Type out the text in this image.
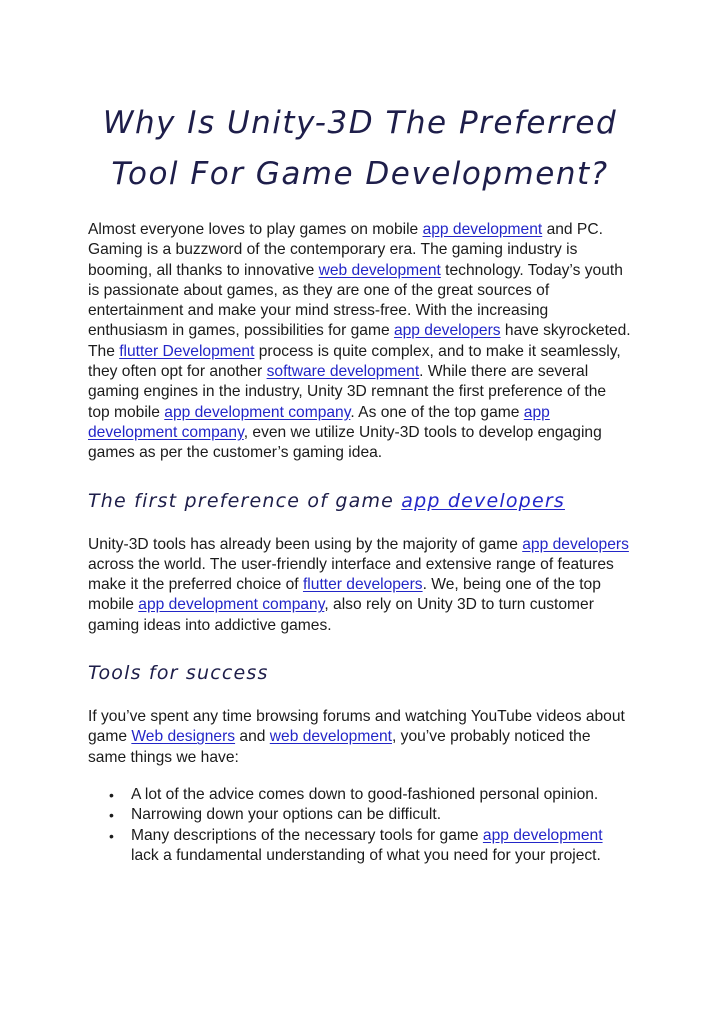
Why Is Unity-3D The Preferred Tool For Game Development?

Almost everyone loves to play games on mobile app development and PC. Gaming is a buzzword of the contemporary era. The gaming industry is booming, all thanks to innovative web development technology. Today’s youth is passionate about games, as they are one of the great sources of entertainment and make your mind stress-free. With the increasing enthusiasm in games, possibilities for game app developers have skyrocketed. The flutter Development process is quite complex, and to make it seamlessly, they often opt for another software development. While there are several gaming engines in the industry, Unity 3D remnant the first preference of the top mobile app development company. As one of the top game app development company, even we utilize Unity-3D tools to develop engaging games as per the customer’s gaming idea.

The first preference of game app developers

Unity-3D tools has already been using by the majority of game app developers across the world. The user-friendly interface and extensive range of features make it the preferred choice of flutter developers. We, being one of the top mobile app development company, also rely on Unity 3D to turn customer gaming ideas into addictive games.

Tools for success

If you’ve spent any time browsing forums and watching YouTube videos about game Web designers and web development, you’ve probably noticed the same things we have:

• A lot of the advice comes down to good-fashioned personal opinion.
• Narrowing down your options can be difficult.
• Many descriptions of the necessary tools for game app development lack a fundamental understanding of what you need for your project.
